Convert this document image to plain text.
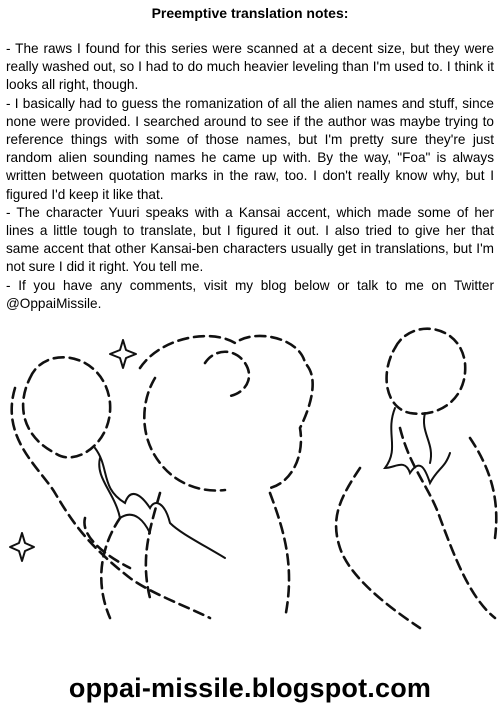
Preemptive translation notes:

- The raws I found for this series were scanned at a decent size, but they were really washed out, so I had to do much heavier leveling than I'm used to. I think it looks all right, though.

- I basically had to guess the romanization of all the alien names and stuff, since none were provided. I searched around to see if the author was maybe trying to reference things with some of those names, but I'm pretty sure they're just random alien sounding names he came up with. By the way, "Foa" is always written between quotation marks in the raw, too. I don't really know why, but I figured I'd keep it like that.

- The character Yuuri speaks with a Kansai accent, which made some of her lines a little tough to translate, but I figured it out. I also tried to give her that same accent that other Kansai-ben characters usually get in translations, but I'm not sure I did it right. You tell me.

- If you have any comments, visit my blog below or talk to me on Twitter @OppaiMissile.

oppai-missile.blogspot.com
